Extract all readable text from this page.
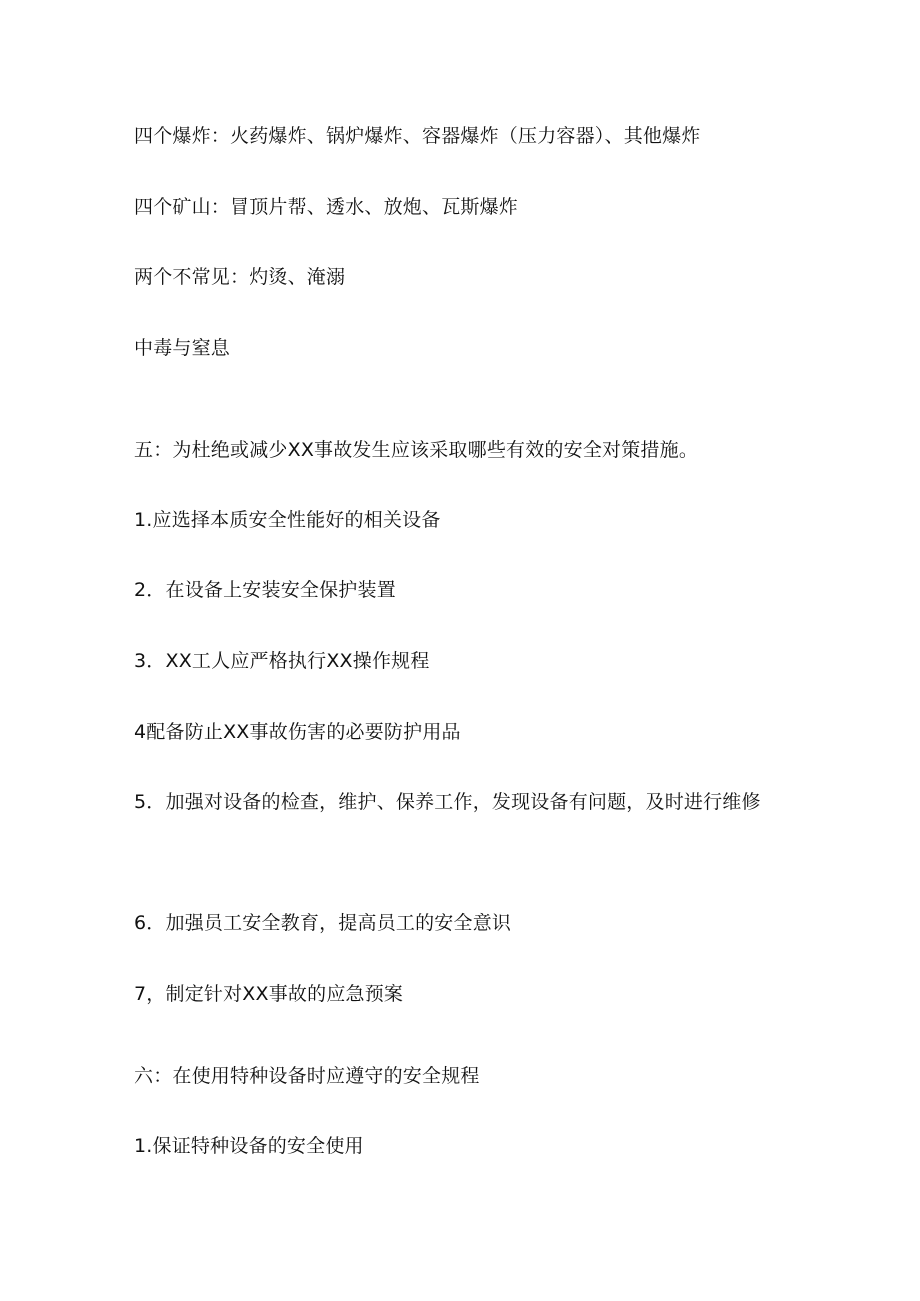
四个爆炸：火药爆炸、锅炉爆炸、容器爆炸（压力容器）、其他爆炸
四个矿山：冒顶片帮、透水、放炮、瓦斯爆炸
两个不常见：灼烫、淹溺
中毒与窒息
五：为杜绝或减少XX事故发生应该采取哪些有效的安全对策措施。
1.应选择本质安全性能好的相关设备
2．在设备上安装安全保护装置
3．XX工人应严格执行XX操作规程
4配备防止XX事故伤害的必要防护用品
5．加强对设备的检查，维护、保养工作，发现设备有问题，及时进行维修
6．加强员工安全教育，提高员工的安全意识
7，制定针对XX事故的应急预案
六：在使用特种设备时应遵守的安全规程
1.保证特种设备的安全使用
